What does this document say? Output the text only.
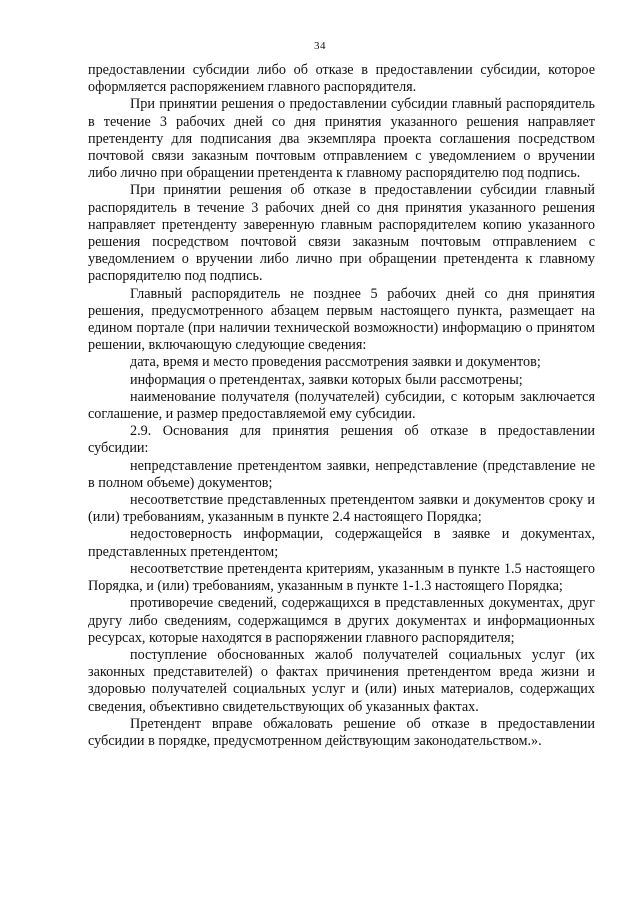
34

предоставлении субсидии либо об отказе в предоставлении субсидии, которое оформляется распоряжением главного распорядителя.

При принятии решения о предоставлении субсидии главный распорядитель в течение 3 рабочих дней со дня принятия указанного решения направляет претенденту для подписания два экземпляра проекта соглашения посредством почтовой связи заказным почтовым отправлением с уведомлением о вручении либо лично при обращении претендента к главному распорядителю под подпись.

При принятии решения об отказе в предоставлении субсидии главный распорядитель в течение 3 рабочих дней со дня принятия указанного решения направляет претенденту заверенную главным распорядителем копию указанного решения посредством почтовой связи заказным почтовым отправлением с уведомлением о вручении либо лично при обращении претендента к главному распорядителю под подпись.

Главный распорядитель не позднее 5 рабочих дней со дня принятия решения, предусмотренного абзацем первым настоящего пункта, размещает на едином портале (при наличии технической возможности) информацию о принятом решении, включающую следующие сведения:

дата, время и место проведения рассмотрения заявки и документов;

информация о претендентах, заявки которых были рассмотрены;

наименование получателя (получателей) субсидии, с которым заключается соглашение, и размер предоставляемой ему субсидии.

2.9. Основания для принятия решения об отказе в предоставлении субсидии:

непредставление претендентом заявки, непредставление (представление не в полном объеме) документов;

несоответствие представленных претендентом заявки и документов сроку и (или) требованиям, указанным в пункте 2.4 настоящего Порядка;

недостоверность информации, содержащейся в заявке и документах, представленных претендентом;

несоответствие претендента критериям, указанным в пункте 1.5 настоящего Порядка, и (или) требованиям, указанным в пункте 1-1.3 настоящего Порядка;

противоречие сведений, содержащихся в представленных документах, друг другу либо сведениям, содержащимся в других документах и информационных ресурсах, которые находятся в распоряжении главного распорядителя;

поступление обоснованных жалоб получателей социальных услуг (их законных представителей) о фактах причинения претендентом вреда жизни и здоровью получателей социальных услуг и (или) иных материалов, содержащих сведения, объективно свидетельствующих об указанных фактах.

Претендент вправе обжаловать решение об отказе в предоставлении субсидии в порядке, предусмотренном действующим законодательством.».
